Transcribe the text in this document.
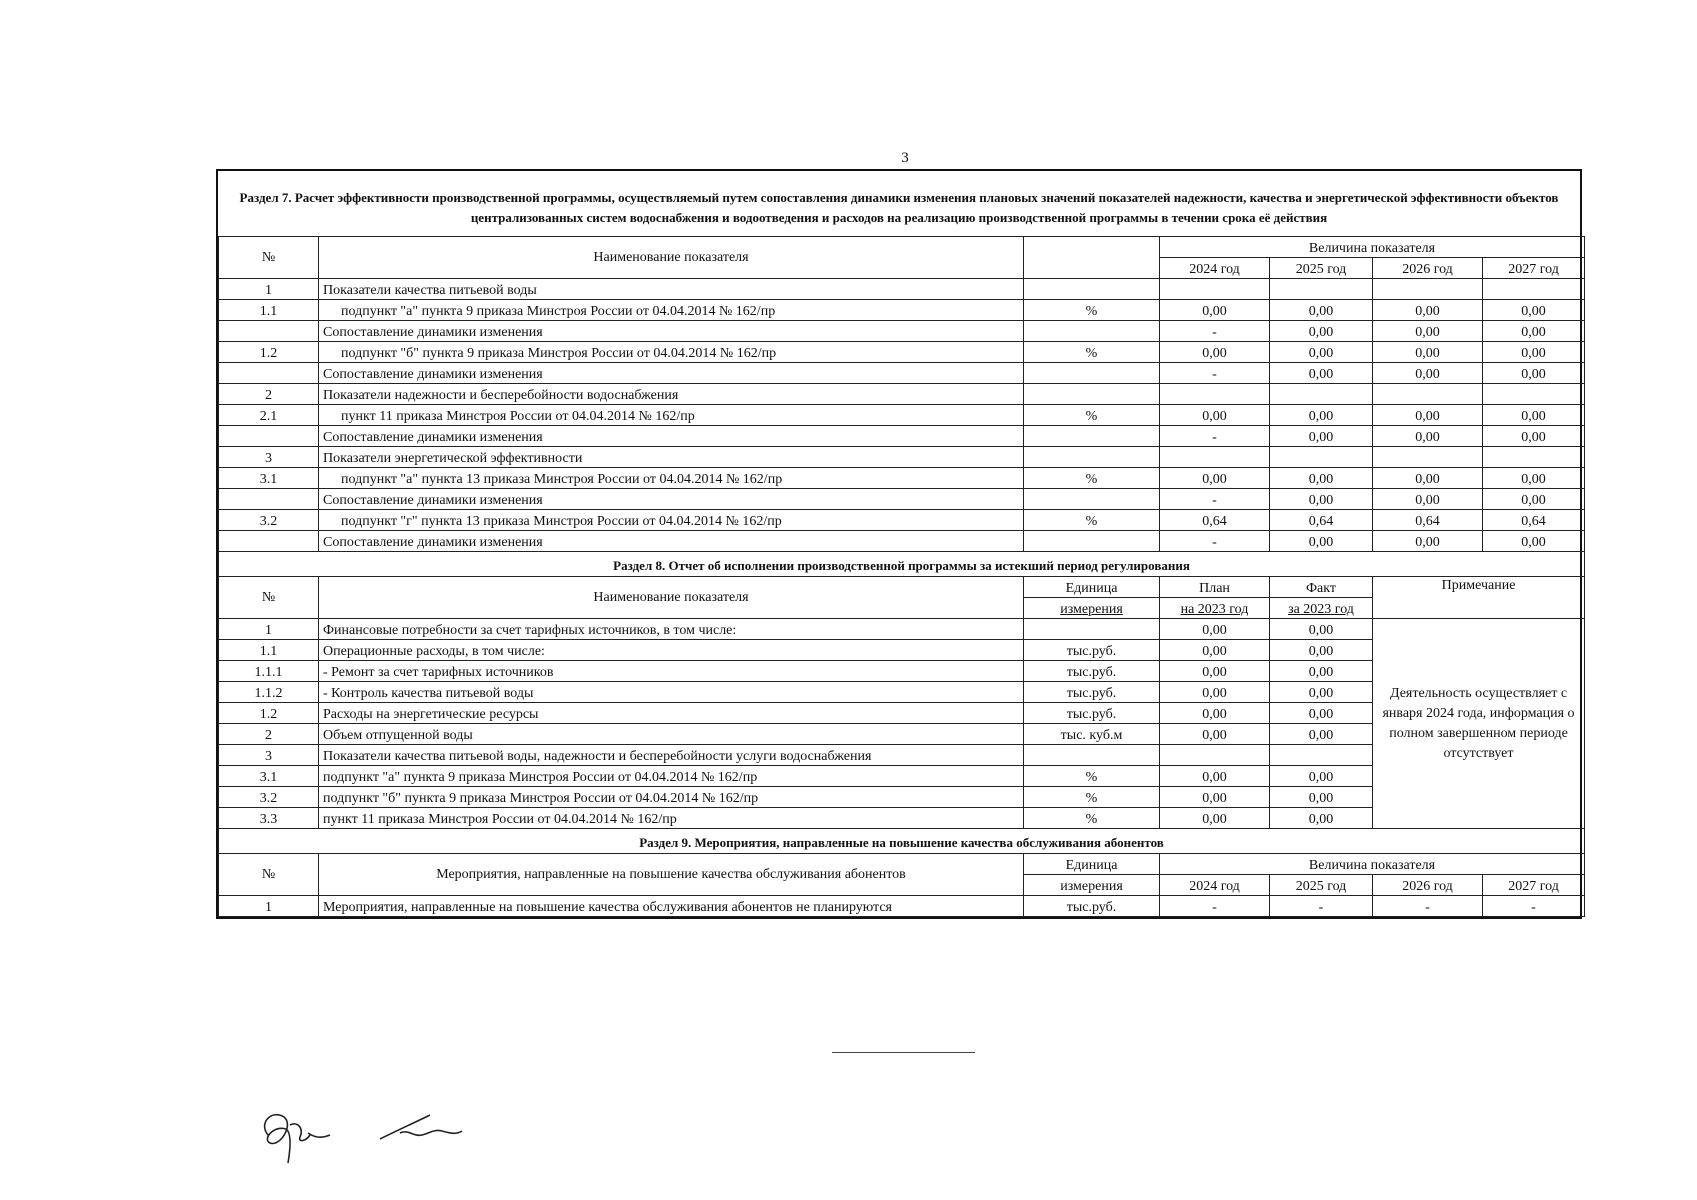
3
Раздел 7. Расчет эффективности производственной программы, осуществляемый путем сопоставления динамики изменения плановых значений показателей надежности, качества и энергетической эффективности объектов централизованных систем водоснабжения и водоотведения и расходов на реализацию производственной программы в течении срока её действия
№	Наименование показателя		Величина показателя			
			2024 год	2025 год	2026 год	2027 год
1	Показатели качества питьевой воды					
1.1	подпункт "а" пункта 9 приказа Минстроя России от 04.04.2014 № 162/пр	%	0,00	0,00	0,00	0,00
	Сопоставление динамики изменения		-	0,00	0,00	0,00
1.2	подпункт "б" пункта 9 приказа Минстроя России от 04.04.2014 № 162/пр	%	0,00	0,00	0,00	0,00
	Сопоставление динамики изменения		-	0,00	0,00	0,00
2	Показатели надежности и бесперебойности водоснабжения					
2.1	пункт 11 приказа Минстроя России от 04.04.2014 № 162/пр	%	0,00	0,00	0,00	0,00
	Сопоставление динамики изменения		-	0,00	0,00	0,00
3	Показатели энергетической эффективности					
3.1	подпункт "а" пункта 13 приказа Минстроя России от 04.04.2014 № 162/пр	%	0,00	0,00	0,00	0,00
	Сопоставление динамики изменения		-	0,00	0,00	0,00
3.2	подпункт "г" пункта 13 приказа Минстроя России от 04.04.2014 № 162/пр	%	0,64	0,64	0,64	0,64
	Сопоставление динамики изменения		-	0,00	0,00	0,00
Раздел 8. Отчет об исполнении производственной программы за истекший период регулирования						
№	Наименование показателя	Единица	План	Факт	Примечание	
		измерения	на 2023 год	за 2023 год		
1	Финансовые потребности за счет тарифных источников, в том числе:		0,00	0,00	Деятельность осуществляет с января 2024 года, информация о полном завершенном периоде отсутствует	
1.1	Операционные расходы, в том числе:	тыс.руб.	0,00	0,00		
1.1.1	- Ремонт за счет тарифных источников	тыс.руб.	0,00	0,00		
1.1.2	- Контроль качества питьевой воды	тыс.руб.	0,00	0,00		
1.2	Расходы на энергетические ресурсы	тыс.руб.	0,00	0,00		
2	Объем отпущенной воды	тыс. куб.м	0,00	0,00		
3	Показатели качества питьевой воды, надежности и бесперебойности услуги водоснабжения					
3.1	подпункт "а" пункта 9 приказа Минстроя России от 04.04.2014 № 162/пр	%	0,00	0,00		
3.2	подпункт "б" пункта 9 приказа Минстроя России от 04.04.2014 № 162/пр	%	0,00	0,00		
3.3	пункт 11 приказа Минстроя России от 04.04.2014 № 162/пр	%	0,00	0,00		
Раздел 9. Мероприятия, направленные на повышение качества обслуживания абонентов						
№	Мероприятия, направленные на повышение качества обслуживания абонентов	Единица	Величина показателя			
		измерения	2024 год	2025 год	2026 год	2027 год
1	Мероприятия, направленные на повышение качества обслуживания абонентов не планируются	тыс.руб.	-	-	-	-
